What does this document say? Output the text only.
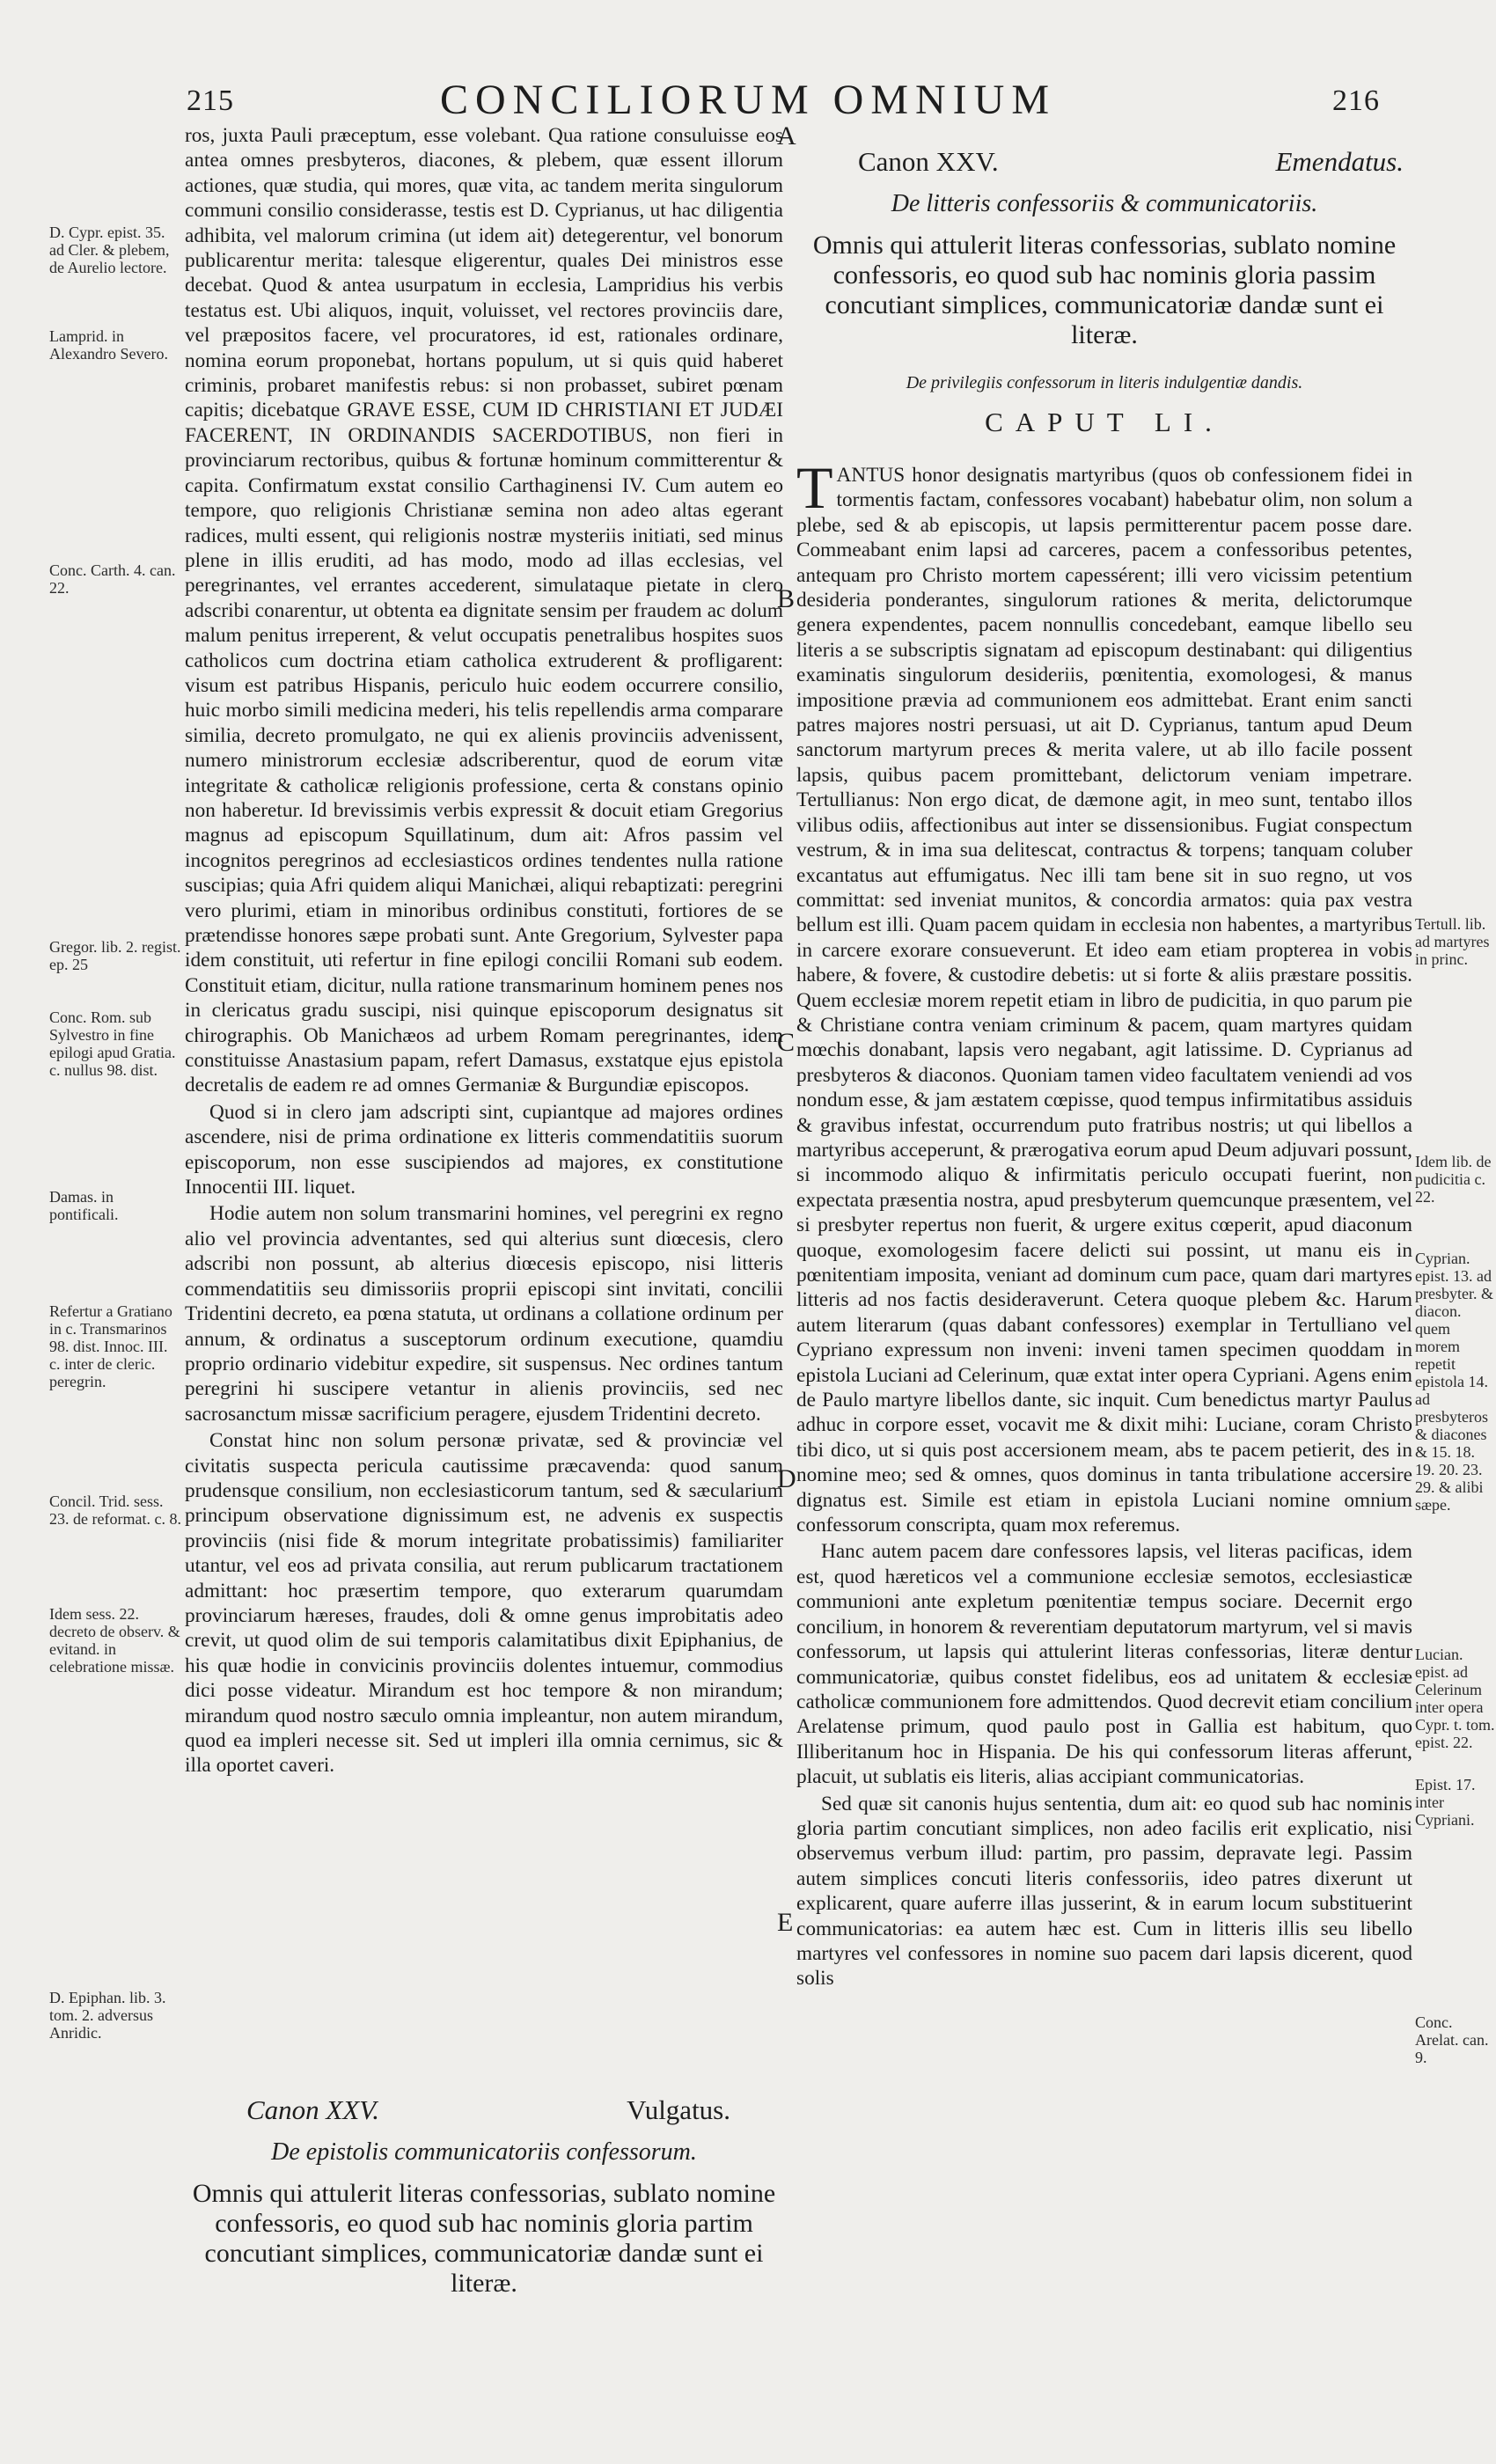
215	CONCILIORUM OMNIUM	216
A
B
C
D
E
D. Cypr. epist. 35. ad Cler. & plebem, de Aurelio lectore.
Lamprid. in Alexandro Severo.
Conc. Carth. 4. can. 22.
Gregor. lib. 2. regist. ep. 25
Conc. Rom. sub Sylvestro in fine epilogi apud Gratia. c. nullus 98. dist.
Damas. in pontificali.
Refertur a Gratiano in c. Transmarinos 98. dist. Innoc. III. c. inter de cleric. peregrin.
Concil. Trid. sess. 23. de reformat. c. 8.
Idem sess. 22. decreto de observ. & evitand. in celebratione missæ.
D. Epiphan. lib. 3. tom. 2. adversus Anridic.
Tertull. lib. ad martyres in princ.
Idem lib. de pudicitia c. 22.
Cyprian. epist. 13. ad presbyter. & diacon. quem morem repetit epistola 14. ad presbyteros & diacones & 15. 18. 19. 20. 23. 29. & alibi sæpe.
Lucian. epist. ad Celerinum inter opera Cypr. t. tom. epist. 22.
Epist. 17. inter Cypriani.
Conc. Arelat. can. 9.

ros, juxta Pauli præceptum, esse volebant. Qua ratione consuluisse eos antea omnes presbyteros, diacones, & plebem, quæ essent illorum actiones, quæ studia, qui mores, quæ vita, ac tandem merita singulorum communi consilio considerasse, testis est D. Cyprianus, ut hac diligentia adhibita, vel malorum crimina (ut idem ait) detegerentur, vel bonorum publicarentur merita: talesque eligerentur, quales Dei ministros esse decebat. Quod & antea usurpatum in ecclesia, Lampridius his verbis testatus est. Ubi aliquos, inquit, voluisset, vel rectores provinciis dare, vel præpositos facere, vel procuratores, id est, rationales ordinare, nomina eorum proponebat, hortans populum, ut si quis quid haberet criminis, probaret manifestis rebus: si non probasset, subiret pœnam capitis; dicebatque GRAVE ESSE, CUM ID CHRISTIANI ET JUDÆI FACERENT, IN ORDINANDIS SACERDOTIBUS, non fieri in provinciarum rectoribus, quibus & fortunæ hominum committerentur & capita. Confirmatum exstat consilio Carthaginensi IV. Cum autem eo tempore, quo religionis Christianæ semina non adeo altas egerant radices, multi essent, qui religionis nostræ mysteriis initiati, sed minus plene in illis eruditi, ad has modo, modo ad illas ecclesias, vel peregrinantes, vel errantes accederent, simulataque pietate in clero adscribi conarentur, ut obtenta ea dignitate sensim per fraudem ac dolum malum penitus irreperent, & velut occupatis penetralibus hospites suos catholicos cum doctrina etiam catholica extruderent & profligarent: visum est patribus Hispanis, periculo huic eodem occurrere consilio, huic morbo simili medicina mederi, his telis repellendis arma comparare similia, decreto promulgato, ne qui ex alienis provinciis advenissent, numero ministrorum ecclesiæ adscriberentur, quod de eorum vitæ integritate & catholicæ religionis professione, certa & constans opinio non haberetur. Id brevissimis verbis expressit & docuit etiam Gregorius magnus ad episcopum Squillatinum, dum ait: Afros passim vel incognitos peregrinos ad ecclesiasticos ordines tendentes nulla ratione suscipias; quia Afri quidem aliqui Manichæi, aliqui rebaptizati: peregrini vero plurimi, etiam in minoribus ordinibus constituti, fortiores de se prætendisse honores sæpe probati sunt. Ante Gregorium, Sylvester papa idem constituit, uti refertur in fine epilogi concilii Romani sub eodem. Constituit etiam, dicitur, nulla ratione transmarinum hominem penes nos in clericatus gradu suscipi, nisi quinque episcoporum designatus sit chirographis. Ob Manichæos ad urbem Romam peregrinantes, idem constituisse Anastasium papam, refert Damasus, exstatque ejus epistola decretalis de eadem re ad omnes Germaniæ & Burgundiæ episcopos.

Quod si in clero jam adscripti sint, cupiantque ad majores ordines ascendere, nisi de prima ordinatione ex litteris commendatitiis suorum episcoporum, non esse suscipiendos ad majores, ex constitutione Innocentii III. liquet.

Hodie autem non solum transmarini homines, vel peregrini ex regno alio vel provincia adventantes, sed qui alterius sunt diœcesis, clero adscribi non possunt, ab alterius diœcesis episcopo, nisi litteris commendatitiis seu dimissoriis proprii episcopi sint invitati, concilii Tridentini decreto, ea pœna statuta, ut ordinans a collatione ordinum per annum, & ordinatus a susceptorum ordinum executione, quamdiu proprio ordinario videbitur expedire, sit suspensus. Nec ordines tantum peregrini hi suscipere vetantur in alienis provinciis, sed nec sacrosanctum missæ sacrificium peragere, ejusdem Tridentini decreto.

Constat hinc non solum personæ privatæ, sed & provinciæ vel civitatis suspecta pericula cautissime præcavenda: quod sanum prudensque consilium, non ecclesiasticorum tantum, sed & sæcularium principum observatione dignissimum est, ne advenis ex suspectis provinciis (nisi fide & morum integritate probatissimis) familiariter utantur, vel eos ad privata consilia, aut rerum publicarum tractationem admittant: hoc præsertim tempore, quo exterarum quarumdam provinciarum hæreses, fraudes, doli & omne genus improbitatis adeo crevit, ut quod olim de sui temporis calamitatibus dixit Epiphanius, de his quæ hodie in convicinis provinciis dolentes intuemur, commodius dici posse videatur. Mirandum est hoc tempore & non mirandum; mirandum quod nostro sæculo omnia impleantur, non autem mirandum, quod ea impleri necesse sit. Sed ut impleri illa omnia cernimus, sic & illa oportet caveri.

Canon XXV.	Vulgatus.
De epistolis communicatoriis confessorum.
Omnis qui attulerit literas confessorias, sublato nomine confessoris, eo quod sub hac nominis gloria partim concutiant simplices, communicatoriæ dandæ sunt ei literæ.
Canon XXV.	Emendatus.
De litteris confessoriis & communicatoriis.
Omnis qui attulerit literas confessorias, sublato nomine confessoris, eo quod sub hac nominis gloria passim concutiant simplices, communicatoriæ dandæ sunt ei literæ.
De privilegiis confessorum in literis indulgentiæ dandis.
CAPUT LI.

TANTUS honor designatis martyribus (quos ob confessionem fidei in tormentis factam, confessores vocabant) habebatur olim, non solum a plebe, sed & ab episcopis, ut lapsis permitterentur pacem posse dare. Commeabant enim lapsi ad carceres, pacem a confessoribus petentes, antequam pro Christo mortem capessérent; illi vero vicissim petentium desideria ponderantes, singulorum rationes & merita, delictorumque genera expendentes, pacem nonnullis concedebant, eamque libello seu literis a se subscriptis signatam ad episcopum destinabant: qui diligentius examinatis singulorum desideriis, pœnitentia, exomologesi, & manus impositione prævia ad communionem eos admittebat. Erant enim sancti patres majores nostri persuasi, ut ait D. Cyprianus, tantum apud Deum sanctorum martyrum preces & merita valere, ut ab illo facile possent lapsis, quibus pacem promittebant, delictorum veniam impetrare. Tertullianus: Non ergo dicat, de dæmone agit, in meo sunt, tentabo illos vilibus odiis, affectionibus aut inter se dissensionibus. Fugiat conspectum vestrum, & in ima sua delitescat, contractus & torpens; tanquam coluber excantatus aut effumigatus. Nec illi tam bene sit in suo regno, ut vos committat: sed inveniat munitos, & concordia armatos: quia pax vestra bellum est illi. Quam pacem quidam in ecclesia non habentes, a martyribus in carcere exorare consueverunt. Et ideo eam etiam propterea in vobis habere, & fovere, & custodire debetis: ut si forte & aliis præstare possitis. Quem ecclesiæ morem repetit etiam in libro de pudicitia, in quo parum pie & Christiane contra veniam criminum & pacem, quam martyres quidam mœchis donabant, lapsis vero negabant, agit latissime. D. Cyprianus ad presbyteros & diaconos. Quoniam tamen video facultatem veniendi ad vos nondum esse, & jam æstatem cœpisse, quod tempus infirmitatibus assiduis & gravibus infestat, occurrendum puto fratribus nostris; ut qui libellos a martyribus acceperunt, & prærogativa eorum apud Deum adjuvari possunt, si incommodo aliquo & infirmitatis periculo occupati fuerint, non expectata præsentia nostra, apud presbyterum quemcunque præsentem, vel si presbyter repertus non fuerit, & urgere exitus cœperit, apud diaconum quoque, exomologesim facere delicti sui possint, ut manu eis in pœnitentiam imposita, veniant ad dominum cum pace, quam dari martyres litteris ad nos factis desideraverunt. Cetera quoque plebem &c. Harum autem literarum (quas dabant confessores) exemplar in Tertulliano vel Cypriano expressum non inveni: inveni tamen specimen quoddam in epistola Luciani ad Celerinum, quæ extat inter opera Cypriani. Agens enim de Paulo martyre libellos dante, sic inquit. Cum benedictus martyr Paulus adhuc in corpore esset, vocavit me & dixit mihi: Luciane, coram Christo tibi dico, ut si quis post accersionem meam, abs te pacem petierit, des in nomine meo; sed & omnes, quos dominus in tanta tribulatione accersire dignatus est. Simile est etiam in epistola Luciani nomine omnium confessorum conscripta, quam mox referemus.

Hanc autem pacem dare confessores lapsis, vel literas pacificas, idem est, quod hæreticos vel a communione ecclesiæ semotos, ecclesiasticæ communioni ante expletum pœnitentiæ tempus sociare. Decernit ergo concilium, in honorem & reverentiam deputatorum martyrum, vel si mavis confessorum, ut lapsis qui attulerint literas confessorias, literæ dentur communicatoriæ, quibus constet fidelibus, eos ad unitatem & ecclesiæ catholicæ communionem fore admittendos. Quod decrevit etiam concilium Arelatense primum, quod paulo post in Gallia est habitum, quo Illiberitanum hoc in Hispania. De his qui confessorum literas afferunt, placuit, ut sublatis eis literis, alias accipiant communicatorias.

Sed quæ sit canonis hujus sententia, dum ait: eo quod sub hac nominis gloria partim concutiant simplices, non adeo facilis erit explicatio, nisi observemus verbum illud: partim, pro passim, depravate legi. Passim autem simplices concuti literis confessoriis, ideo patres dixerunt ut explicarent, quare auferre illas jusserint, & in earum locum substituerint communicatorias: ea autem hæc est. Cum in litteris illis seu libello martyres vel confessores in nomine suo pacem dari lapsis dicerent, quod solis
